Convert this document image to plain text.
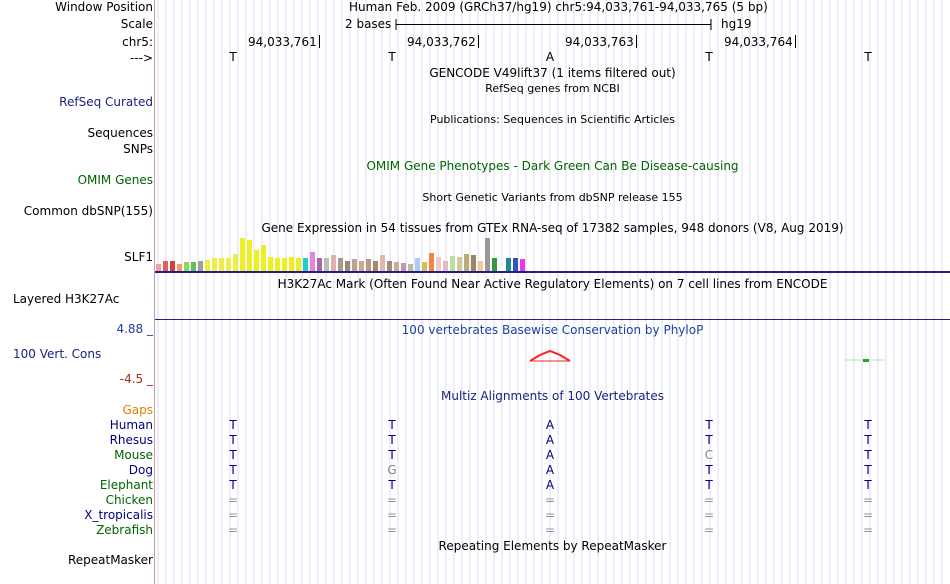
Window Position
Scale
chr5:
--->
Human Feb. 2009 (GRCh37/hg19) chr5:94,033,761-94,033,765 (5 bp)
2 bases	hg19
94,033,761	94,033,762	94,033,763	94,033,764
T	T	A	T	T
GENCODE V49lift37 (1 items filtered out)
RefSeq genes from NCBI
RefSeq Curated
Publications: Sequences in Scientific Articles
Sequences
SNPs
OMIM Gene Phenotypes - Dark Green Can Be Disease-causing
OMIM Genes
Short Genetic Variants from dbSNP release 155
Common dbSNP(155)
Gene Expression in 54 tissues from GTEx RNA-seq of 17382 samples, 948 donors (V8, Aug 2019)
SLF1
H3K27Ac Mark (Often Found Near Active Regulatory Elements) on 7 cell lines from ENCODE
Layered H3K27Ac
4.88 _	100 vertebrates Basewise Conservation by PhyloP
100 Vert. Cons
-4.5 _
Multiz Alignments of 100 Vertebrates
Gaps
Human	T	T	A	T	T
Rhesus	T	T	A	T	T
Mouse	T	T	A	C	T
Dog	T	G	A	T	T
Elephant	T	T	A	T	T
Chicken	=	=	=	=	=
X_tropicalis	=	=	=	=	=
Zebrafish	=	=	=	=	=
Repeating Elements by RepeatMasker
RepeatMasker
